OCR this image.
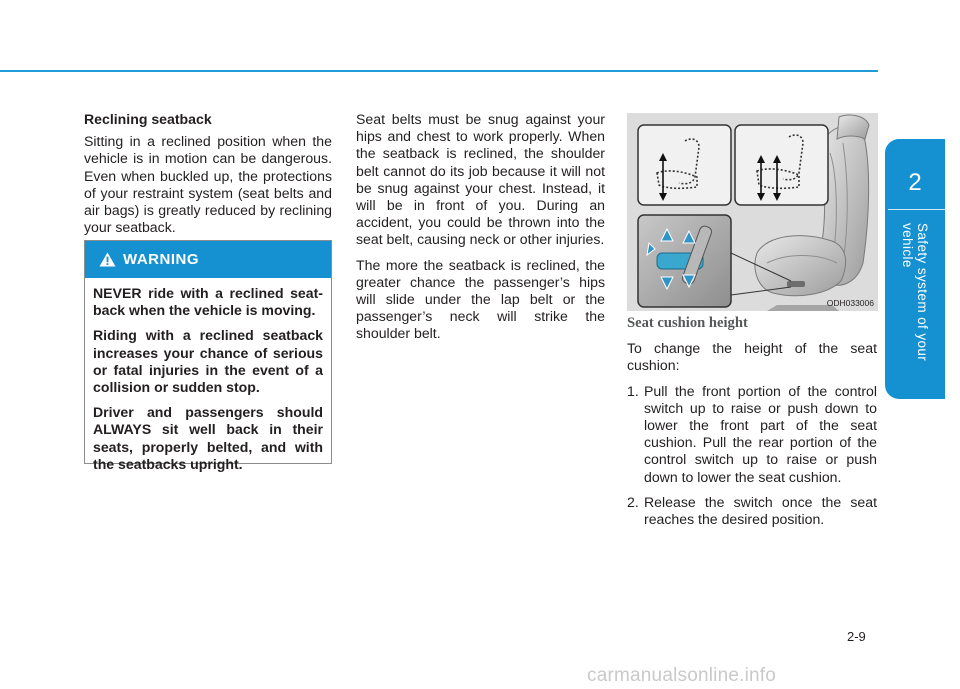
2
Safety system of your vehicle

Reclining seatback

Sitting in a reclined position when the vehicle is in motion can be dangerous. Even when buckled up, the protections of your restraint system (seat belts and air bags) is greatly reduced by reclining your seatback.

WARNING

NEVER ride with a reclined seat-back when the vehicle is moving.

Riding with a reclined seatback increases your chance of serious or fatal injuries in the event of a collision or sudden stop.

Driver and passengers should ALWAYS sit well back in their seats, properly belted, and with the seatbacks upright.

Seat belts must be snug against your hips and chest to work properly. When the seatback is reclined, the shoulder belt cannot do its job because it will not be snug against your chest. Instead, it will be in front of you. During an accident, you could be thrown into the seat belt, causing neck or other injuries.

The more the seatback is reclined, the greater chance the passenger’s hips will slide under the lap belt or the passenger’s neck will strike the shoulder belt.

ODH033006

Seat cushion height

To change the height of the seat cushion:

1. Pull the front portion of the control switch up to raise or push down to lower the front part of the seat cushion. Pull the rear portion of the control switch up to raise or push down to lower the seat cushion.
2. Release the switch once the seat reaches the desired position.
2-9
carmanualsonline.info
